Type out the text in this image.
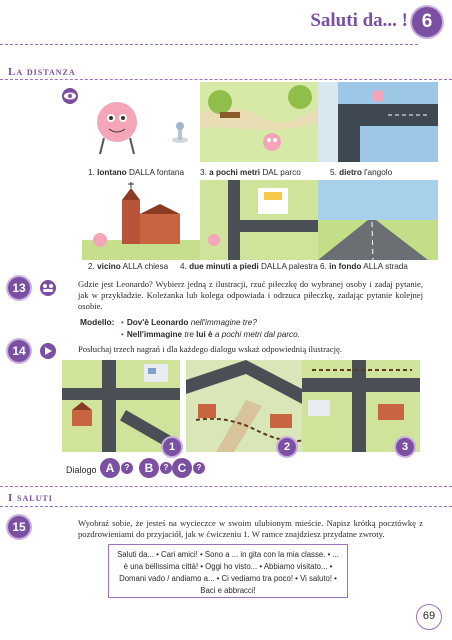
Saluti da... ! 6
La distanza
1. lontano DALLA fontana 3. a pochi metri DAL parco	5. dietro l'angolo
2. vicino ALLA chiesa 4. due minuti a piedi DALLA palestra 6. in fondo ALLA strada
13	Gdzie jest Leonardo? Wybierz jedną z ilustracji, rzuć piłeczkę do wybranej osoby i zadaj pytanie, jak w przykładzie. Koleżanka lub kolega odpowiada i odrzuca piłeczkę, zadając pytanie kolejnej osobie.
Modello: • Dov'è Leonardo nell'immagine tre?
• Nell'immagine tre lui è a pochi metri dal parco.
14	Posłuchaj trzech nagrań i dla każdego dialogu wskaż odpowiednią ilustrację.
1	2	3
Dialogo A	?	B	? C	?
I saluti
15	Wyobraź sobie, że jesteś na wycieczce w swoim ulubionym mieście. Napisz krótką pocztówkę z pozdrowieniami do przyjaciół, jak w ćwiczeniu 1. W ramce znajdziesz przydatne zwroty.
Saluti da... • Cari amici! • Sono a ... in gita con la mia classe. • ... è una bellissima città! • Oggi ho visto... • Abbiamo visitato... • Domani vado / andiamo a... • Ci vediamo tra poco! • Vi saluto! • Baci e abbracci!
69
